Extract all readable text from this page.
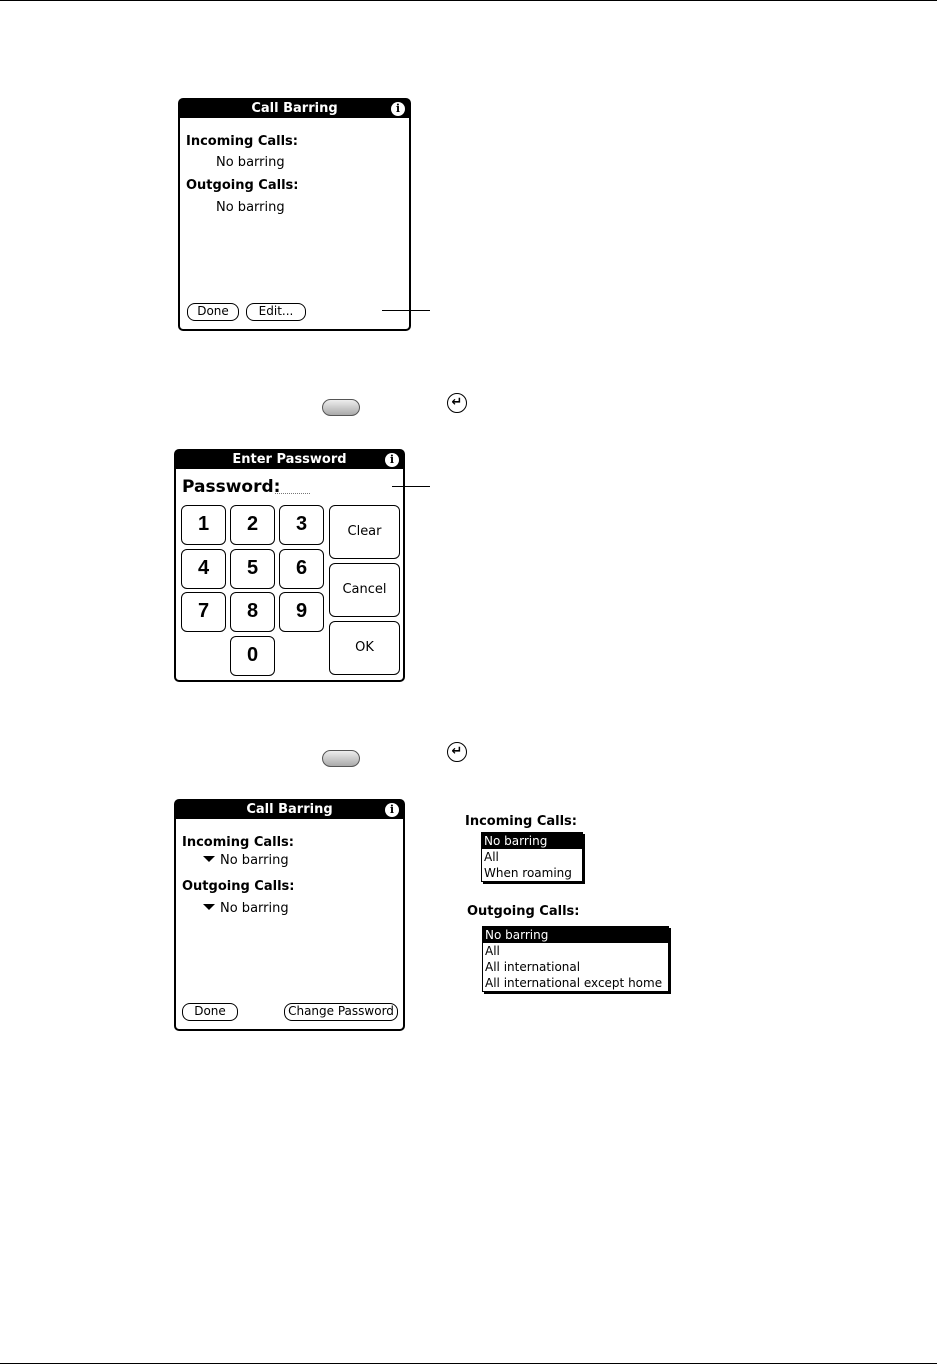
Call Barring	i
Incoming Calls:
No barring
Outgoing Calls:
No barring
Done	Edit...
↵
Enter Password	i
Password:
1	2	3
4	5	6
7	8	9
0
Clear
Cancel
OK
↵
Call Barring	i
Incoming Calls:
No barring
Outgoing Calls:
No barring
Done	Change Password
Incoming Calls:
No barring
All
When roaming
Outgoing Calls:
No barring
All
All international
All international except home
